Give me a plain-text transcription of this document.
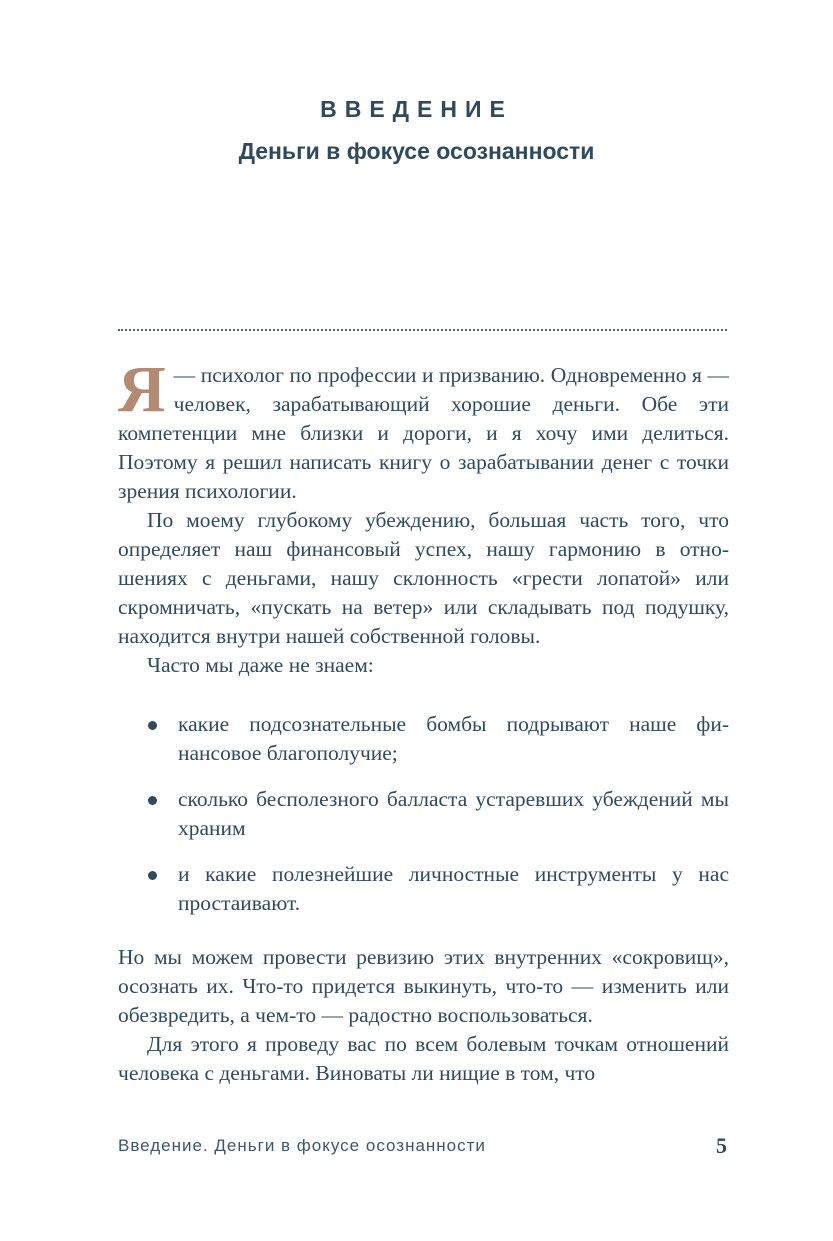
ВВЕДЕНИЕ
Деньги в фокусе осознанности

Я — психолог по профессии и призванию. Одновременно я — человек, зарабатывающий хорошие деньги. Обе эти компетенции мне близки и дороги, и я хочу ими делиться. Поэтому я решил написать книгу о зарабатывании денег с точки зрения психологии.

По моему глубокому убеждению, большая часть того, что определяет наш финансовый успех, нашу гармонию в отношениях с деньгами, нашу склонность «грести лопатой» или скромничать, «пускать на ветер» или складывать под подушку, находится внутри нашей собственной головы.

Часто мы даже не знаем:

какие подсознательные бомбы подрывают наше финансовое благополучие;
сколько бесполезного балласта устаревших убеждений мы храним
и какие полезнейшие личностные инструменты у нас простаивают.

Но мы можем провести ревизию этих внутренних «сокровищ», осознать их. Что-то придется выкинуть, что-то — изменить или обезвредить, а чем-то — радостно воспользоваться.

Для этого я проведу вас по всем болевым точкам отношений человека с деньгами. Виноваты ли нищие в том, что

Введение. Деньги в фокусе осознанности	5
